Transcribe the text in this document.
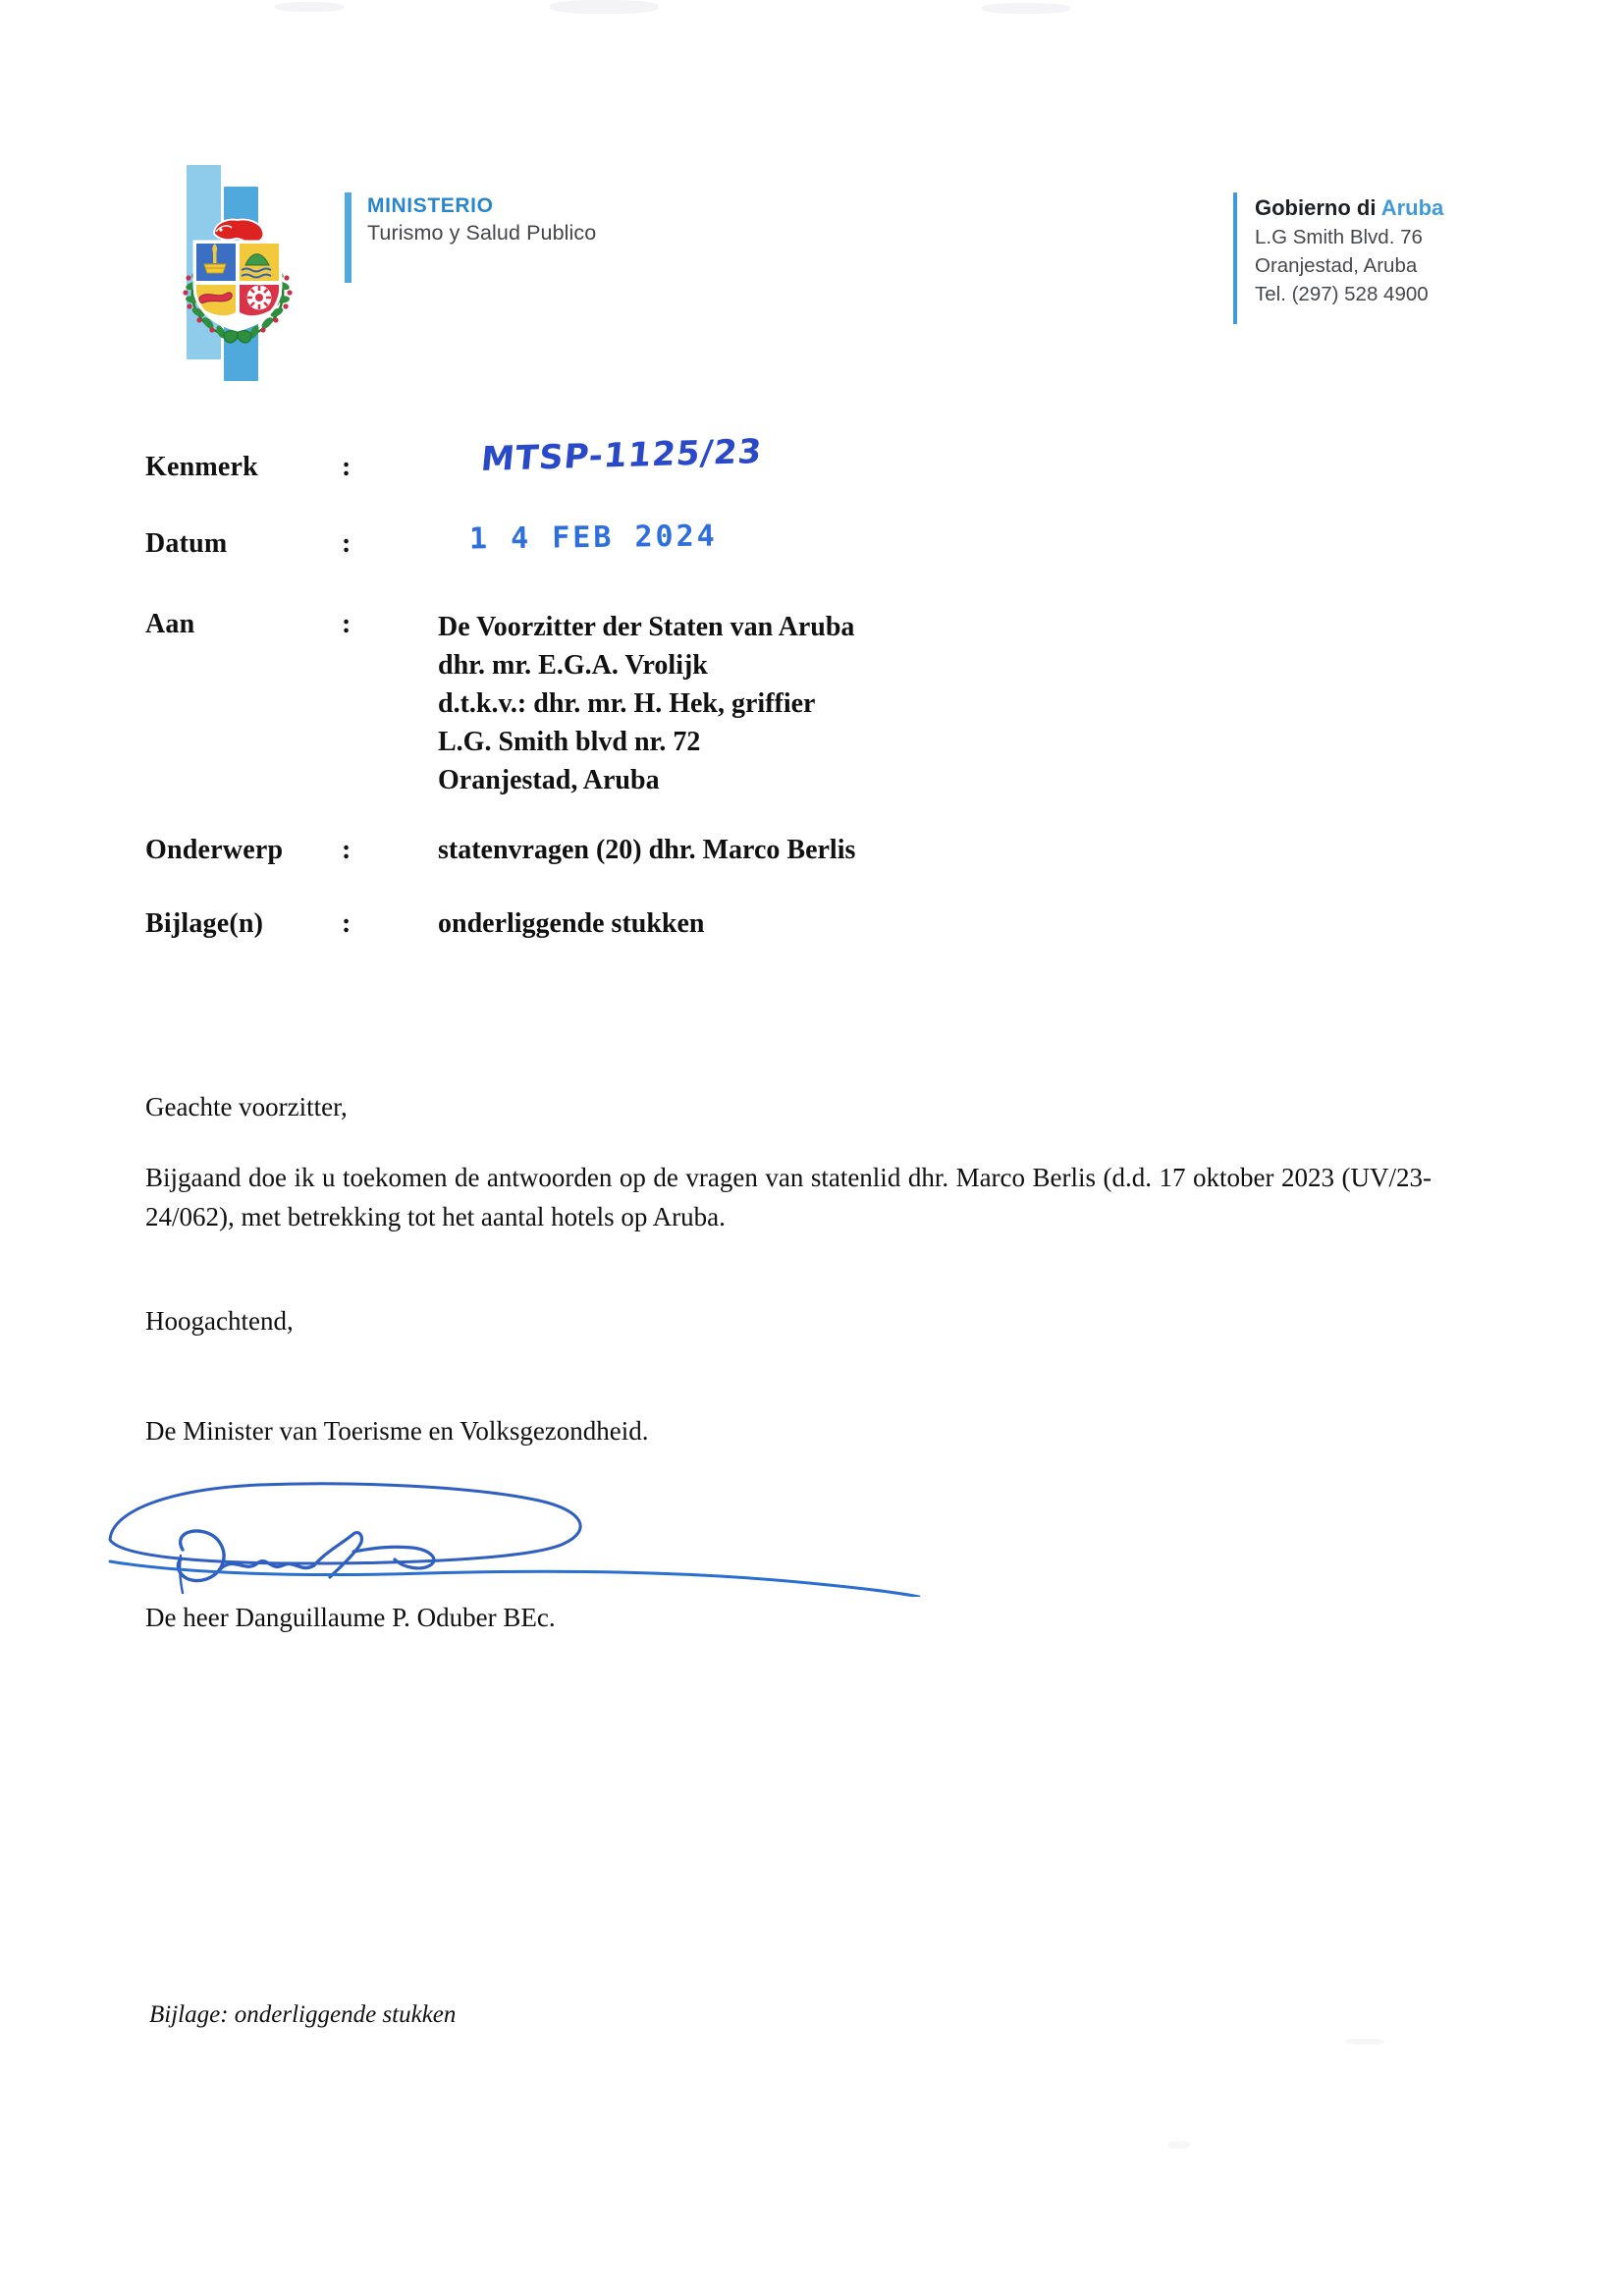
MINISTERIO
Turismo y Salud Publico
Gobierno di Aruba
L.G Smith Blvd. 76
Oranjestad, Aruba
Tel. (297) 528 4900
Kenmerk	:	MTSP-1125/23
Datum	:	1 4 FEB 2024
Aan	:	De Voorzitter der Staten van Aruba
dhr. mr. E.G.A. Vrolijk
d.t.k.v.: dhr. mr. H. Hek, griffier
L.G. Smith blvd nr. 72
Oranjestad, Aruba
Onderwerp :	statenvragen (20) dhr. Marco Berlis
Bijlage(n)	:	onderliggende stukken

Geachte voorzitter,

Bijgaand doe ik u toekomen de antwoorden op de vragen van statenlid dhr. Marco Berlis (d.d. 17 oktober 2023 (UV/23-24/062), met betrekking tot het aantal hotels op Aruba.

Hoogachtend,
De Minister van Toerisme en Volksgezondheid.
De heer Danguillaume P. Oduber BEc.
Bijlage: onderliggende stukken
